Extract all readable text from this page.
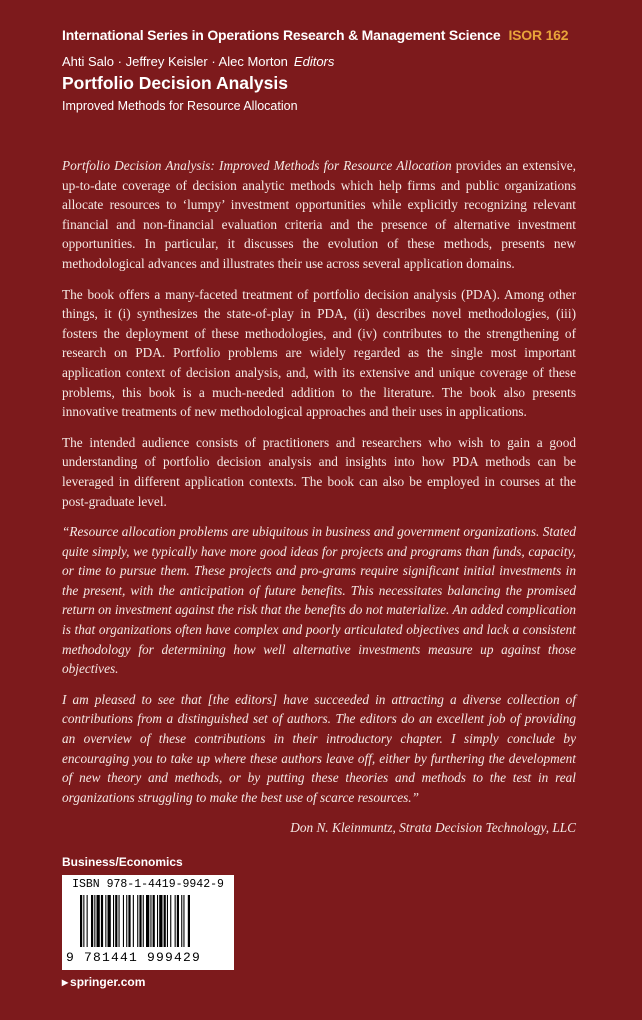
International Series in Operations Research & Management Science ISOR 162
Ahti Salo · Jeffrey Keisler · Alec Morton Editors
Portfolio Decision Analysis
Improved Methods for Resource Allocation

Portfolio Decision Analysis: Improved Methods for Resource Allocation provides an extensive, up-to-date coverage of decision analytic methods which help firms and public organizations allocate resources to ‘lumpy’ investment opportunities while explicitly recognizing relevant financial and non-financial evaluation criteria and the presence of alternative investment opportunities. In particular, it discusses the evolution of these methods, presents new methodological advances and illustrates their use across several application domains.

The book offers a many-faceted treatment of portfolio decision analysis (PDA). Among other things, it (i) synthesizes the state-of-play in PDA, (ii) describes novel methodologies, (iii) fosters the deployment of these methodologies, and (iv) contributes to the strengthening of research on PDA. Portfolio problems are widely regarded as the single most important application context of decision analysis, and, with its extensive and unique coverage of these problems, this book is a much-needed addition to the literature. The book also presents innovative treatments of new methodological approaches and their uses in applications.

The intended audience consists of practitioners and researchers who wish to gain a good understanding of portfolio decision analysis and insights into how PDA methods can be leveraged in different application contexts. The book can also be employed in courses at the post-graduate level.

“Resource allocation problems are ubiquitous in business and government organizations. Stated quite simply, we typically have more good ideas for projects and programs than funds, capacity, or time to pursue them. These projects and pro-grams require significant initial investments in the present, with the anticipation of future benefits. This necessitates balancing the promised return on investment against the risk that the benefits do not materialize. An added complication is that organizations often have complex and poorly articulated objectives and lack a consistent methodology for determining how well alternative investments measure up against those objectives.

I am pleased to see that [the editors] have succeeded in attracting a diverse collection of contributions from a distinguished set of authors. The editors do an excellent job of providing an overview of these contributions in their introductory chapter. I simply conclude by encouraging you to take up where these authors leave off, either by furthering the development of new theory and methods, or by putting these theories and methods to the test in real organizations struggling to make the best use of scarce resources.”

Don N. Kleinmuntz, Strata Decision Technology, LLC

Business/Economics
ISBN 978-1-4419-9942-9
9 781441 999429
▸ springer.com
